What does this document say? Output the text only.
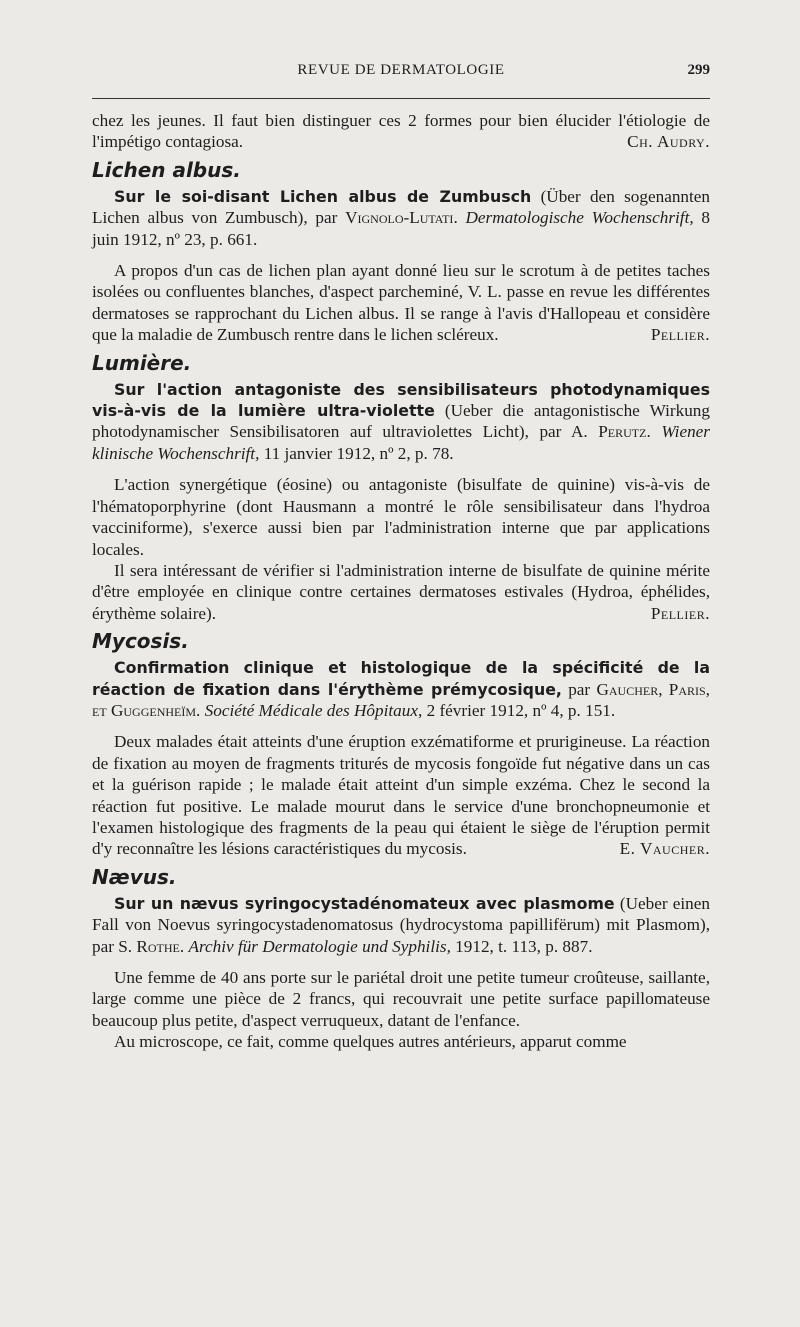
REVUE DE DERMATOLOGIE	299

chez les jeunes. Il faut bien distinguer ces 2 formes pour bien élucider l'étiologie de l'impétigo contagiosa.	Ch. Audry.

Lichen albus.

Sur le soi-disant Lichen albus de Zumbusch (Über den sogenannten Lichen albus von Zumbusch), par Vignolo-Lutati. Dermatologische Wochenschrift, 8 juin 1912, nº 23, p. 661.

A propos d'un cas de lichen plan ayant donné lieu sur le scrotum à de petites taches isolées ou confluentes blanches, d'aspect parcheminé, V. L. passe en revue les différentes dermatoses se rapprochant du Lichen albus. Il se range à l'avis d'Hallopeau et considère que la maladie de Zumbusch rentre dans le lichen scléreux.	Pellier.

Lumière.

Sur l'action antagoniste des sensibilisateurs photodynamiques vis-à-vis de la lumière ultra-violette (Ueber die antagonistische Wirkung photodynamischer Sensibilisatoren auf ultraviolettes Licht), par A. Perutz. Wiener klinische Wochenschrift, 11 janvier 1912, nº 2, p. 78.

L'action synergétique (éosine) ou antagoniste (bisulfate de quinine) vis-à-vis de l'hématoporphyrine (dont Hausmann a montré le rôle sensibilisateur dans l'hydroa vacciniforme), s'exerce aussi bien par l'administration interne que par applications locales.

Il sera intéressant de vérifier si l'administration interne de bisulfate de quinine mérite d'être employée en clinique contre certaines dermatoses estivales (Hydroa, éphélides, érythème solaire).	Pellier.

Mycosis.

Confirmation clinique et histologique de la spécificité de la réaction de fixation dans l'érythème prémycosique, par Gaucher, Paris, et Guggenheïm. Société Médicale des Hôpitaux, 2 février 1912, nº 4, p. 151.

Deux malades était atteints d'une éruption exzématiforme et prurigineuse. La réaction de fixation au moyen de fragments triturés de mycosis fongoïde fut négative dans un cas et la guérison rapide ; le malade était atteint d'un simple exzéma. Chez le second la réaction fut positive. Le malade mourut dans le service d'une bronchopneumonie et l'examen histologique des fragments de la peau qui étaient le siège de l'éruption permit d'y reconnaître les lésions caractéristiques du mycosis.	E. Vaucher.

Nævus.

Sur un nævus syringocystadénomateux avec plasmome (Ueber einen Fall von Noevus syringocystadenomatosus (hydrocystoma papillifërum) mit Plasmom), par S. Rothe. Archiv für Dermatologie und Syphilis, 1912, t. 113, p. 887.

Une femme de 40 ans porte sur le pariétal droit une petite tumeur croûteuse, saillante, large comme une pièce de 2 francs, qui recouvrait une petite surface papillomateuse beaucoup plus petite, d'aspect verruqueux, datant de l'enfance.

Au microscope, ce fait, comme quelques autres antérieurs, apparut comme
